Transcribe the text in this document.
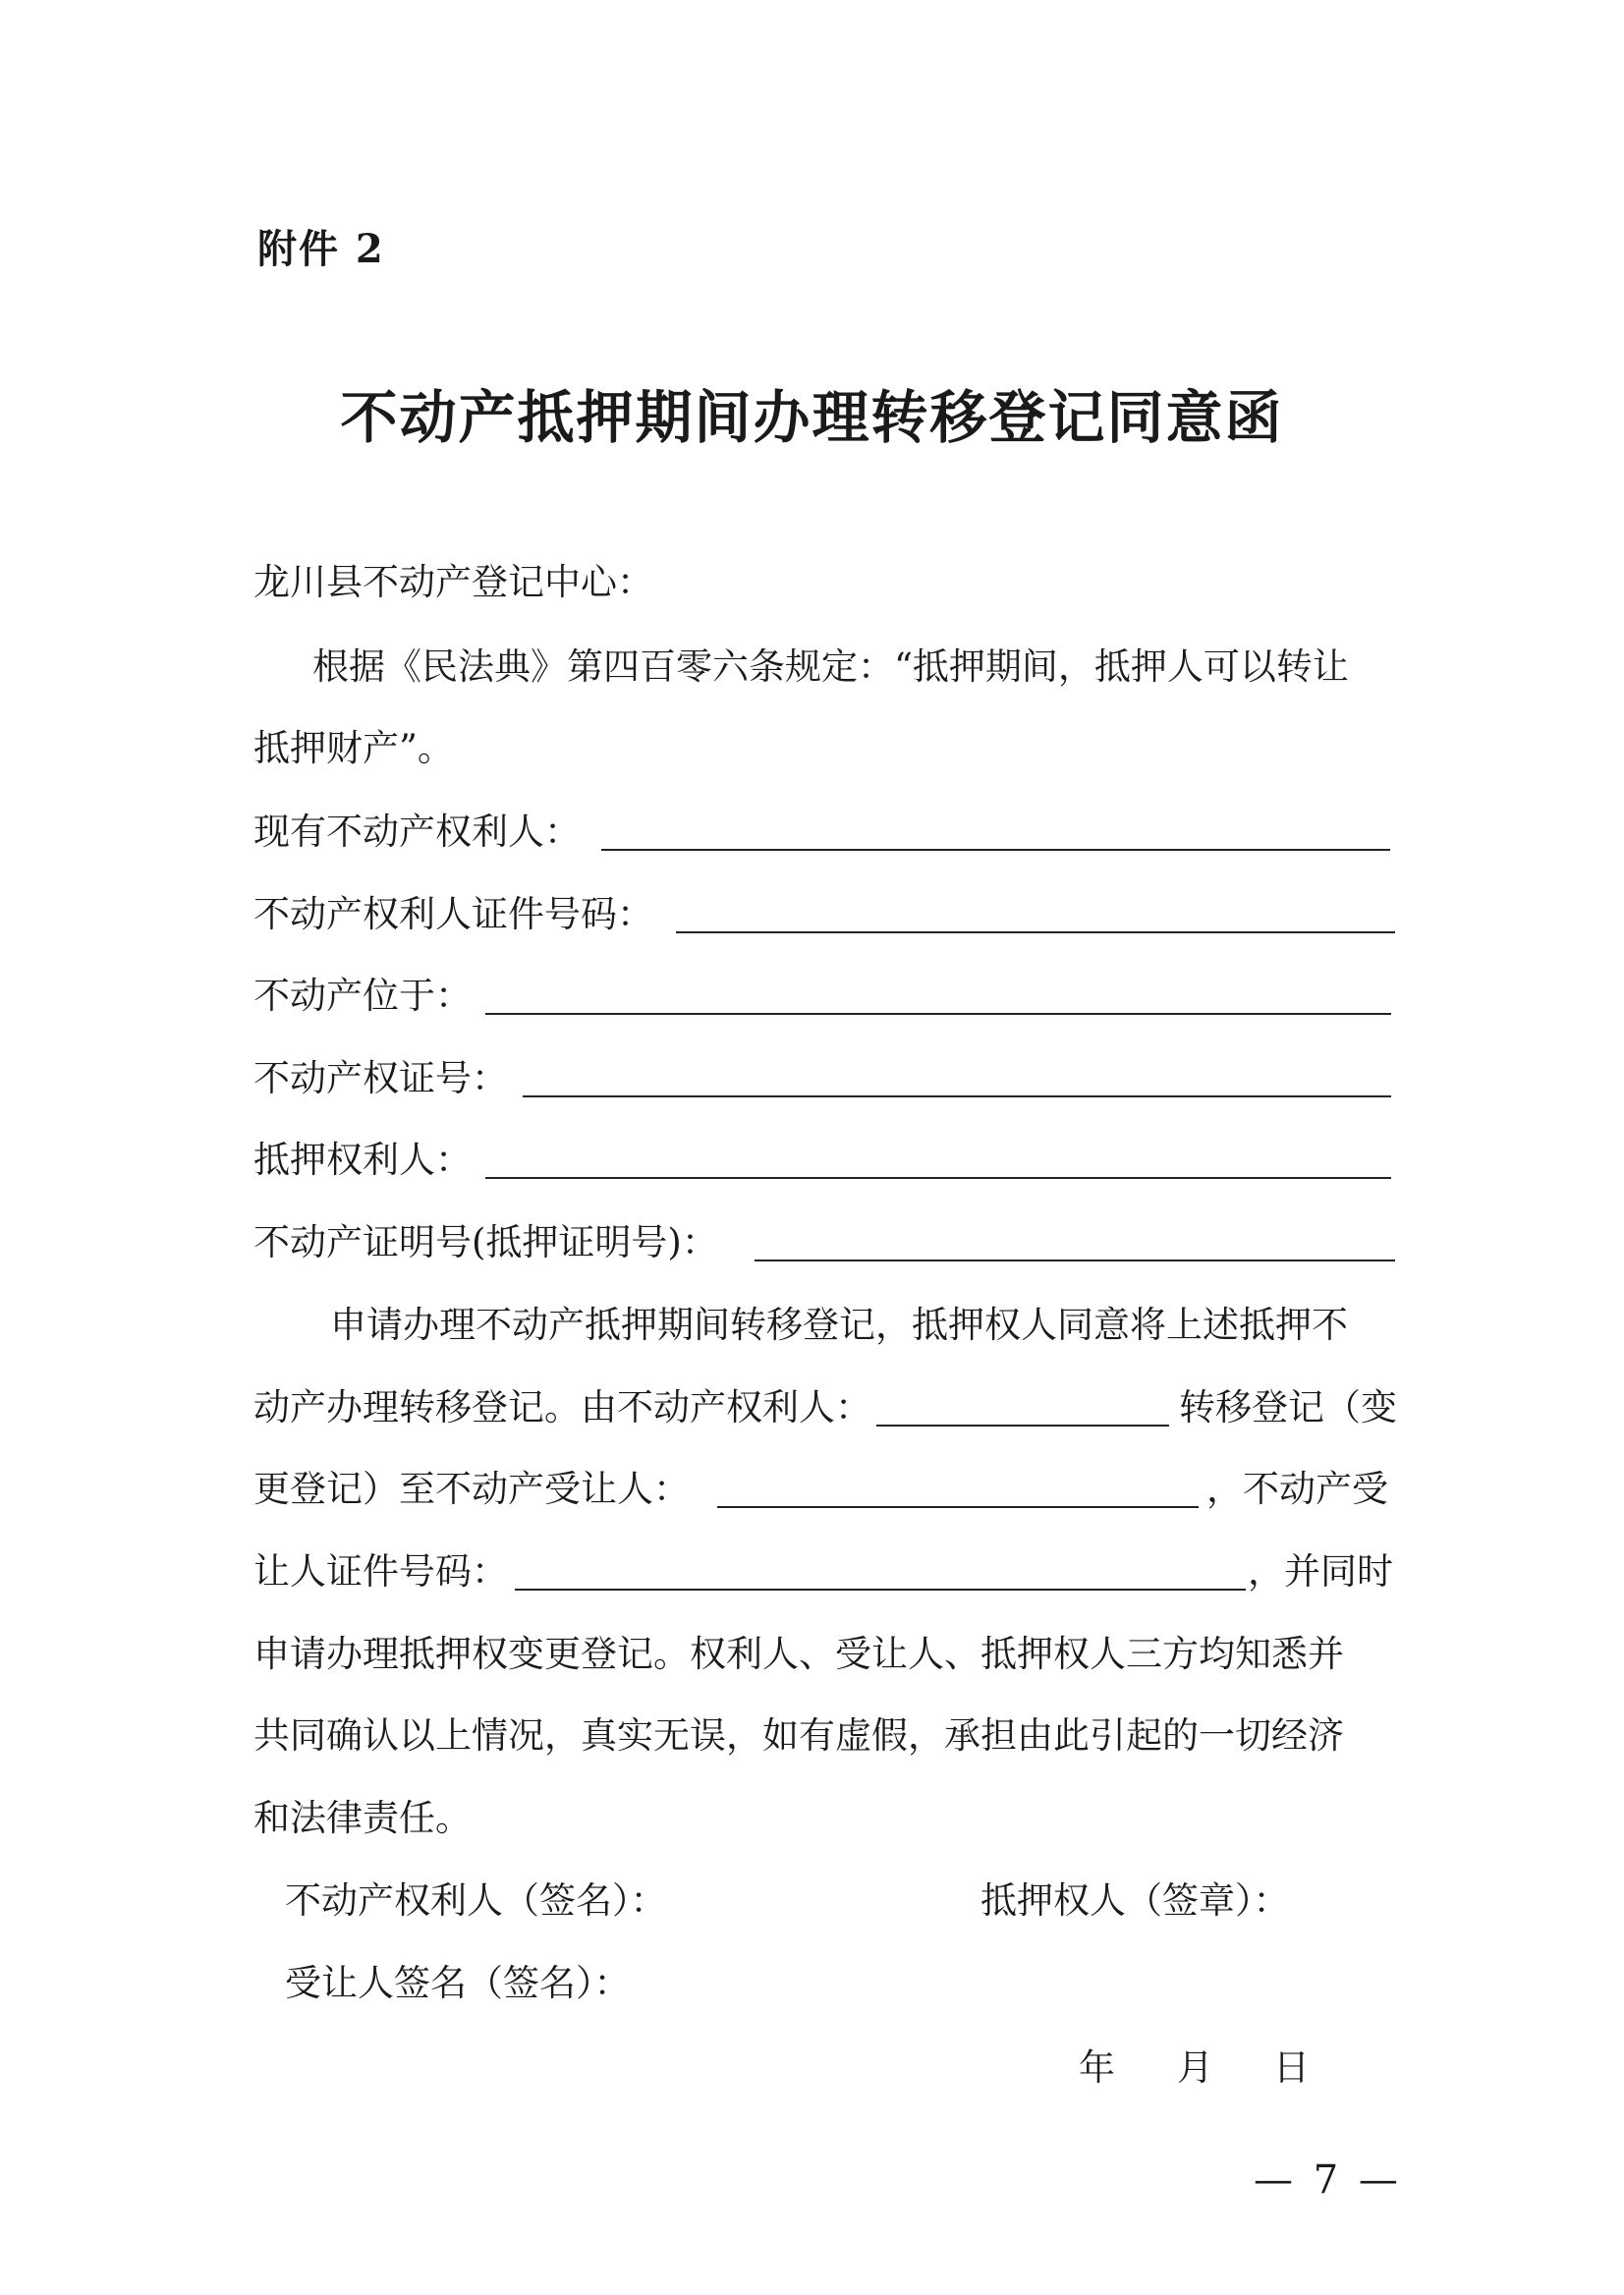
附件 2
不动产抵押期间办理转移登记同意函
龙川县不动产登记中心：
根据《民法典》第四百零六条规定：“抵押期间，抵押人可以转让
抵押财产”。
现有不动产权利人：
不动产权利人证件号码：
不动产位于：
不动产权证号：
抵押权利人：
不动产证明号(抵押证明号)：
申请办理不动产抵押期间转移登记，抵押权人同意将上述抵押不
动产办理转移登记。由不动产权利人：	转移登记（变
更登记）至不动产受让人：	，不动产受
让人证件号码：	，并同时
申请办理抵押权变更登记。权利人、受让人、抵押权人三方均知悉并
共同确认以上情况，真实无误，如有虚假，承担由此引起的一切经济
和法律责任。
不动产权利人（签名）：	抵押权人（签章）：
受让人签名（签名）：
年 月 日
— 7 —
